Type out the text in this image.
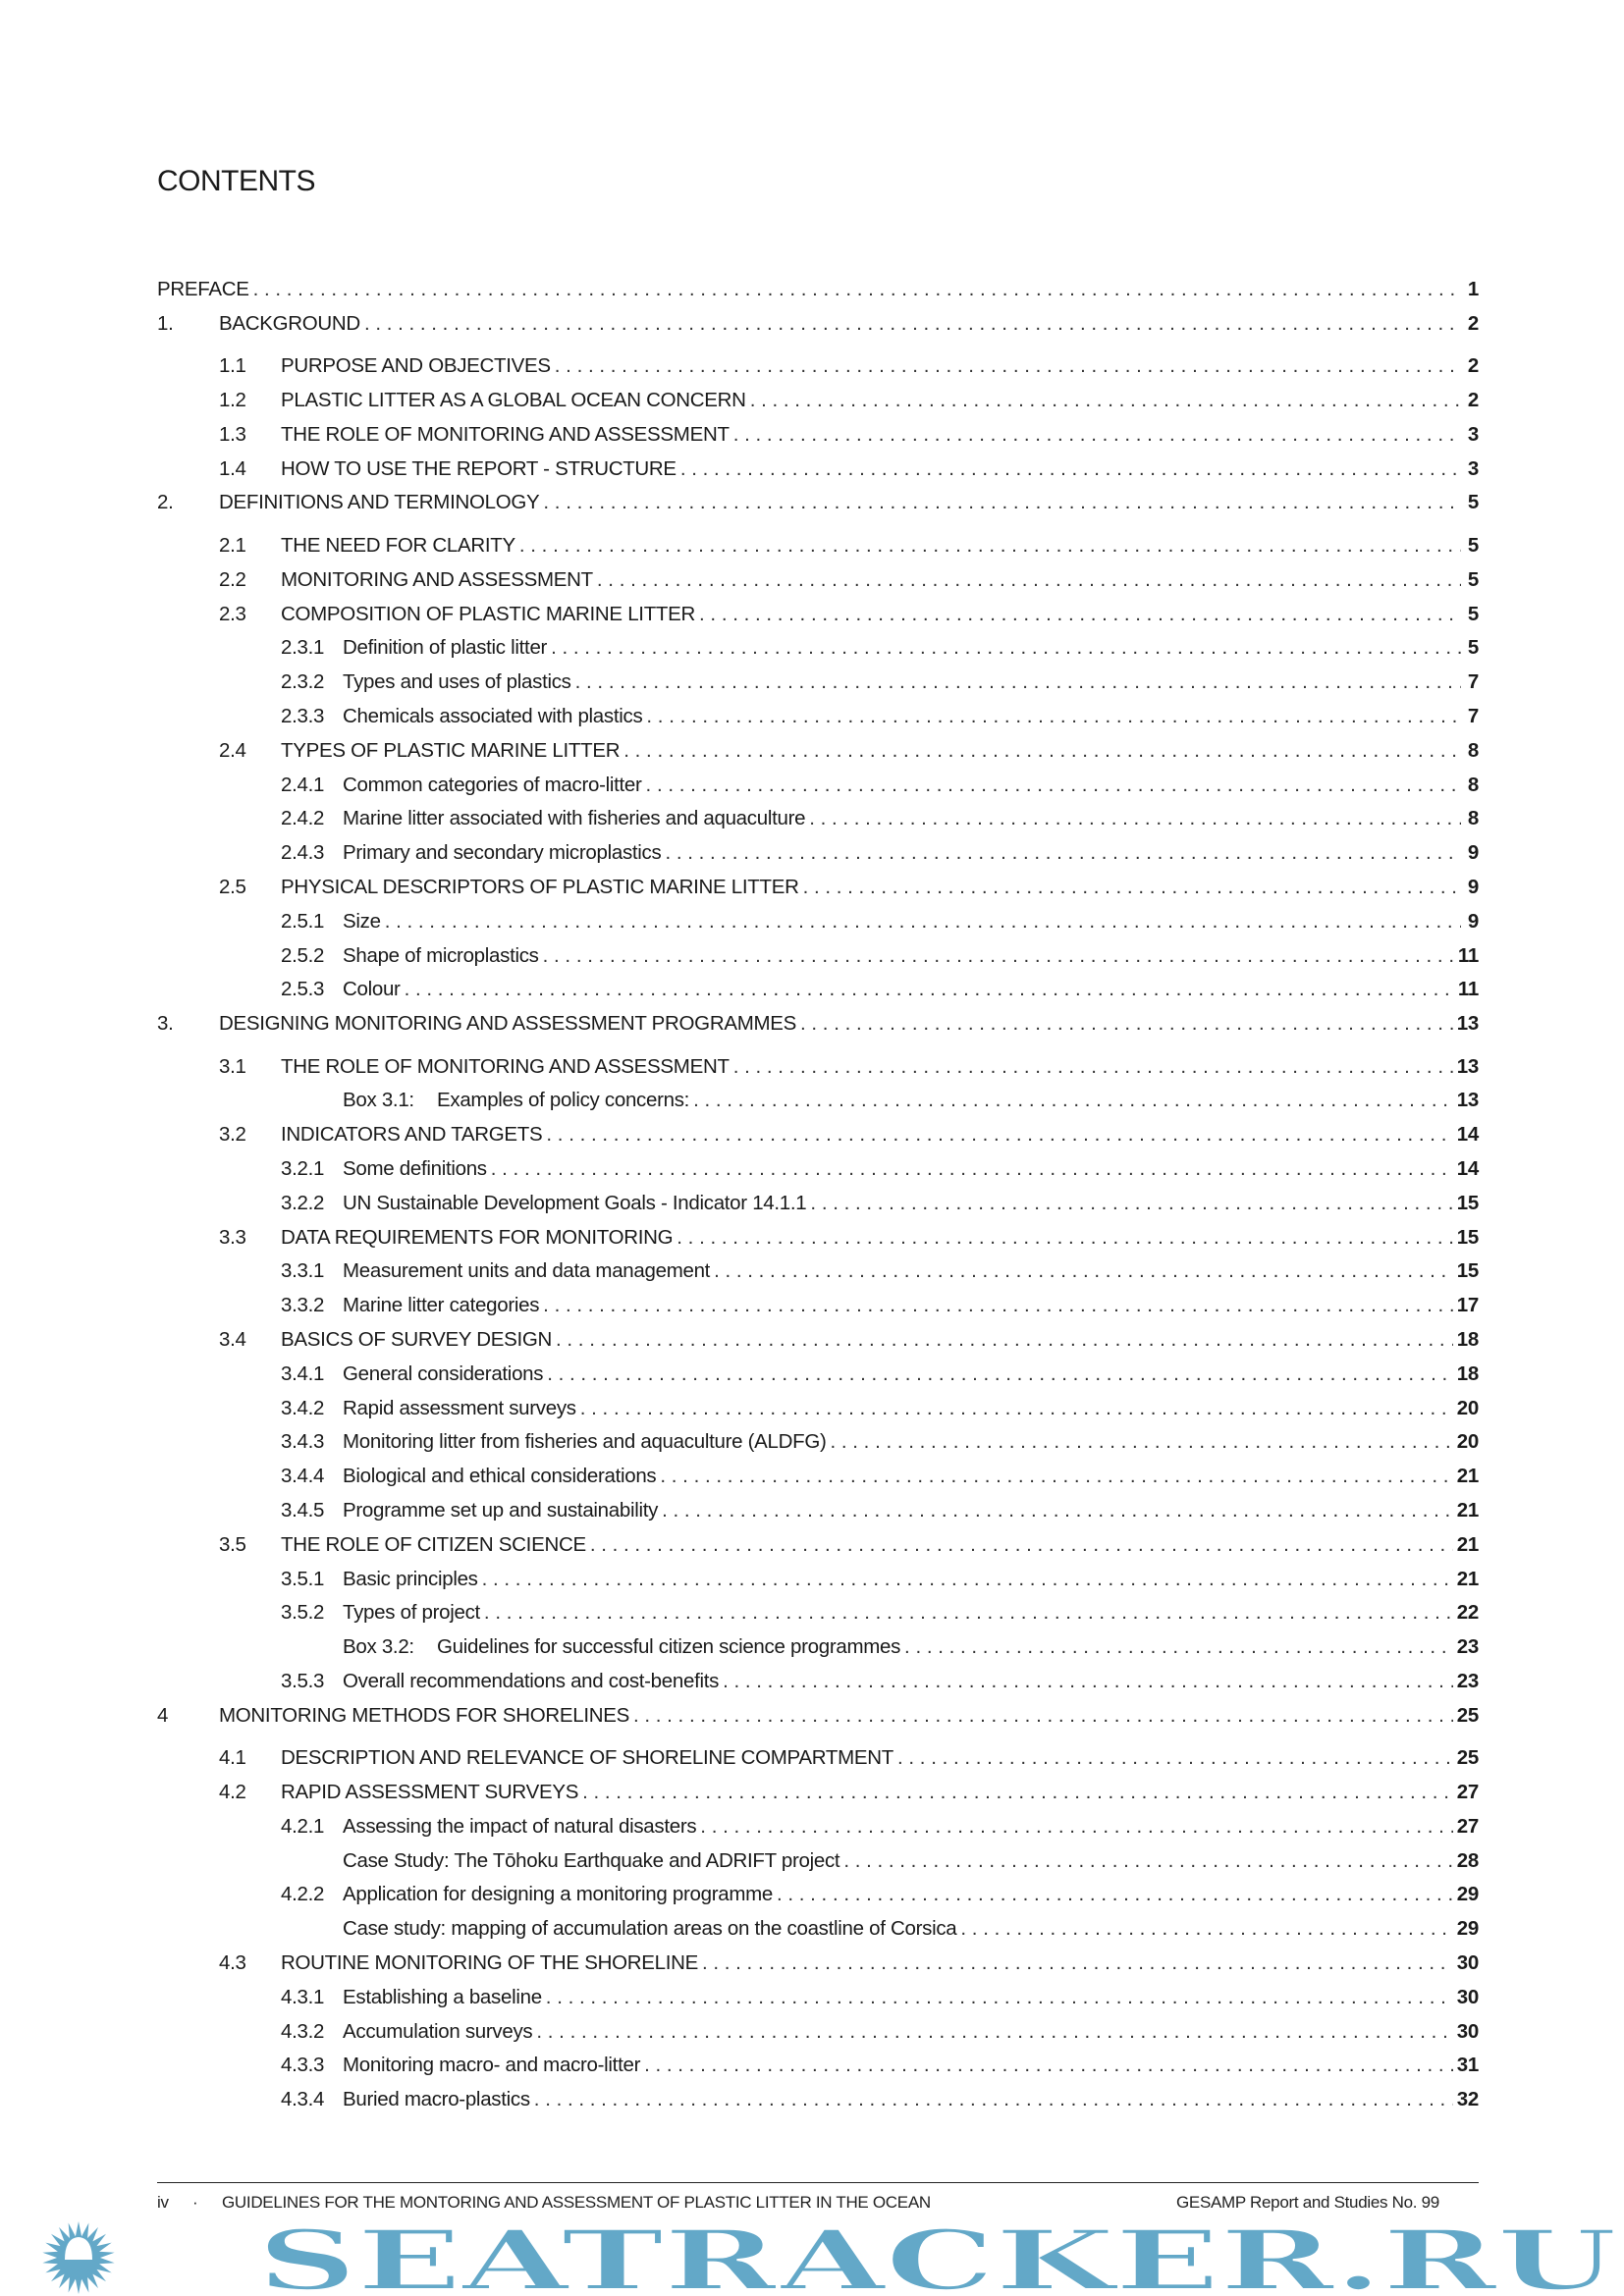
CONTENTS
PREFACE . . .	1
1. BACKGROUND . . .	2
1.1 PURPOSE AND OBJECTIVES . . .	2
1.2 PLASTIC LITTER AS A GLOBAL OCEAN CONCERN . . .	2
1.3 THE ROLE OF MONITORING AND ASSESSMENT . . .	3
1.4 HOW TO USE THE REPORT - STRUCTURE . . .	3
2. DEFINITIONS AND TERMINOLOGY . . .	5
2.1 THE NEED FOR CLARITY . . .	5
2.2 MONITORING AND ASSESSMENT . . .	5
2.3 COMPOSITION OF PLASTIC MARINE LITTER . . .	5
2.3.1 Definition of plastic litter . . .	5
2.3.2 Types and uses of plastics . . .	7
2.3.3 Chemicals associated with plastics . . .	7
2.4 TYPES OF PLASTIC MARINE LITTER . . .	8
2.4.1 Common categories of macro-litter . . .	8
2.4.2 Marine litter associated with fisheries and aquaculture . . .	8
2.4.3 Primary and secondary microplastics . . .	9
2.5 PHYSICAL DESCRIPTORS OF PLASTIC MARINE LITTER . . .	9
2.5.1 Size . . .	9
2.5.2 Shape of microplastics . . .	11
2.5.3 Colour . . .	11
3. DESIGNING MONITORING AND ASSESSMENT PROGRAMMES . . .	13
3.1 THE ROLE OF MONITORING AND ASSESSMENT . . .	13
Box 3.1: Examples of policy concerns: . . .	13
3.2 INDICATORS AND TARGETS . . .	14
3.2.1 Some definitions . . .	14
3.2.2 UN Sustainable Development Goals - Indicator 14.1.1 . . .	15
3.3 DATA REQUIREMENTS FOR MONITORING . . .	15
3.3.1 Measurement units and data management . . .	15
3.3.2 Marine litter categories . . .	17
3.4 BASICS OF SURVEY DESIGN . . .	18
3.4.1 General considerations . . .	18
3.4.2 Rapid assessment surveys . . .	20
3.4.3 Monitoring litter from fisheries and aquaculture (ALDFG) . . .	20
3.4.4 Biological and ethical considerations . . .	21
3.4.5 Programme set up and sustainability . . .	21
3.5 THE ROLE OF CITIZEN SCIENCE . . .	21
3.5.1 Basic principles . . .	21
3.5.2 Types of project . . .	22
Box 3.2: Guidelines for successful citizen science programmes . . .	23
3.5.3 Overall recommendations and cost-benefits . . .	23
4	MONITORING METHODS FOR SHORELINES . . .	25
4.1 DESCRIPTION AND RELEVANCE OF SHORELINE COMPARTMENT . . .	25
4.2 RAPID ASSESSMENT SURVEYS . . .	27
4.2.1 Assessing the impact of natural disasters . . .	27
Case Study: The Tōhoku Earthquake and ADRIFT project . . .	28
4.2.2 Application for designing a monitoring programme . . .	29
Case study: mapping of accumulation areas on the coastline of Corsica . . .	29
4.3 ROUTINE MONITORING OF THE SHORELINE . . .	30
4.3.1 Establishing a baseline . . .	30
4.3.2 Accumulation surveys . . .	30
4.3.3 Monitoring macro- and macro-litter . . .	31
4.3.4 Buried macro-plastics . . .	32
iv · GUIDELINES FOR THE MONTORING AND ASSESSMENT OF PLASTIC LITTER IN THE OCEAN	GESAMP Report and Studies No. 99
SEATRACKER.RU
